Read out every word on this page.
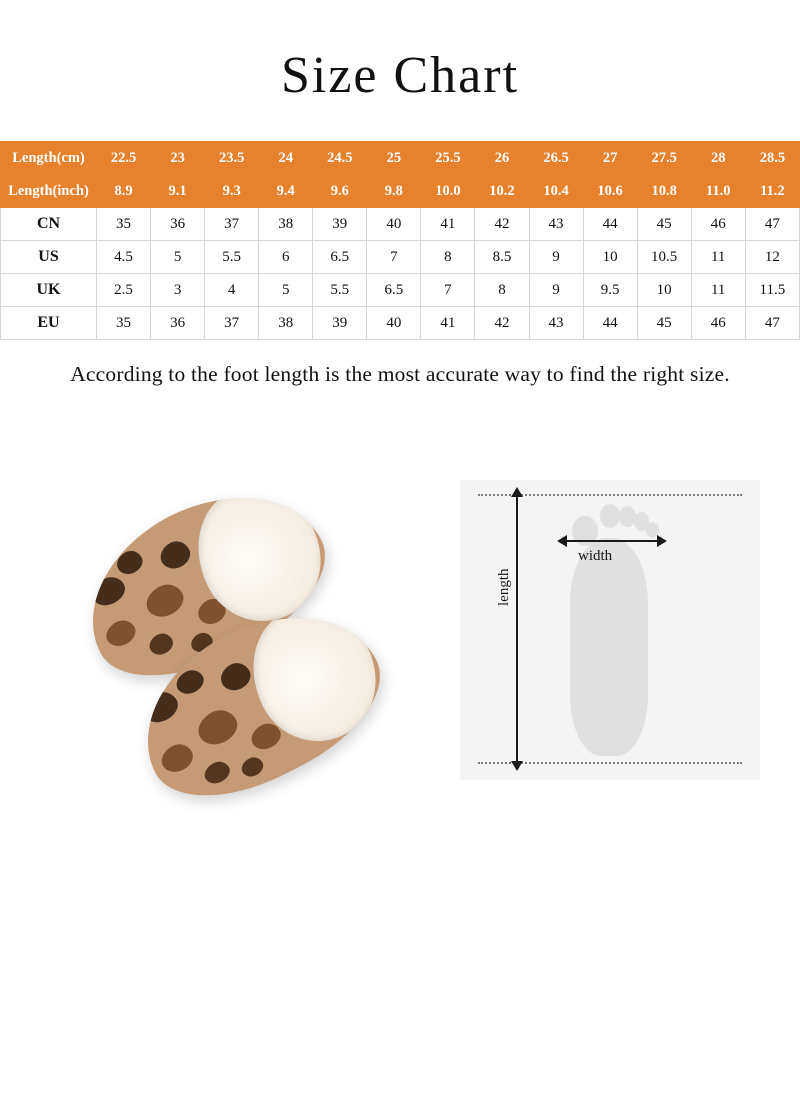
Size Chart
Length(cm)	22.5	23	23.5	24	24.5	25	25.5	26	26.5	27	27.5	28	28.5
Length(inch)	8.9	9.1	9.3	9.4	9.6	9.8	10.0	10.2	10.4	10.6	10.8	11.0	11.2
CN	35	36	37	38	39	40	41	42	43	44	45	46	47
US	4.5	5	5.5	6	6.5	7	8	8.5	9	10	10.5	11	12
UK	2.5	3	4	5	5.5	6.5	7	8	9	9.5	10	11	11.5
EU	35	36	37	38	39	40	41	42	43	44	45	46	47
According to the foot length is the most accurate way to find the right size.
width
length
